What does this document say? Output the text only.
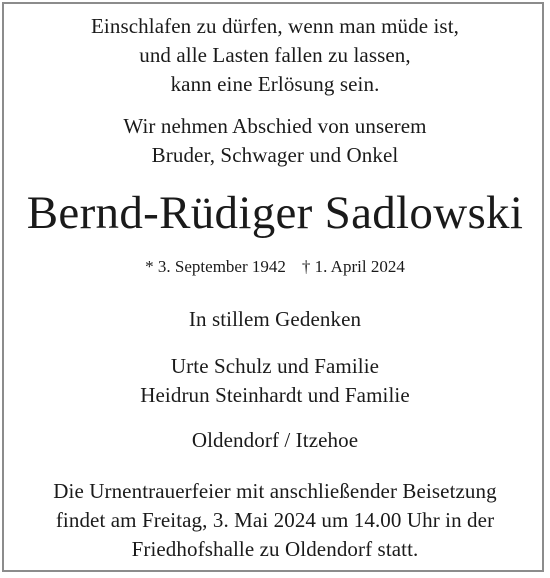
Einschlafen zu dürfen, wenn man müde ist,
und alle Lasten fallen zu lassen,
kann eine Erlösung sein.
Wir nehmen Abschied von unserem
Bruder, Schwager und Onkel
Bernd-Rüdiger Sadlowski
* 3. September 1942 † 1. April 2024
In stillem Gedenken
Urte Schulz und Familie
Heidrun Steinhardt und Familie
Oldendorf / Itzehoe
Die Urnentrauerfeier mit anschließender Beisetzung
findet am Freitag, 3. Mai 2024 um 14.00 Uhr in der
Friedhofshalle zu Oldendorf statt.
